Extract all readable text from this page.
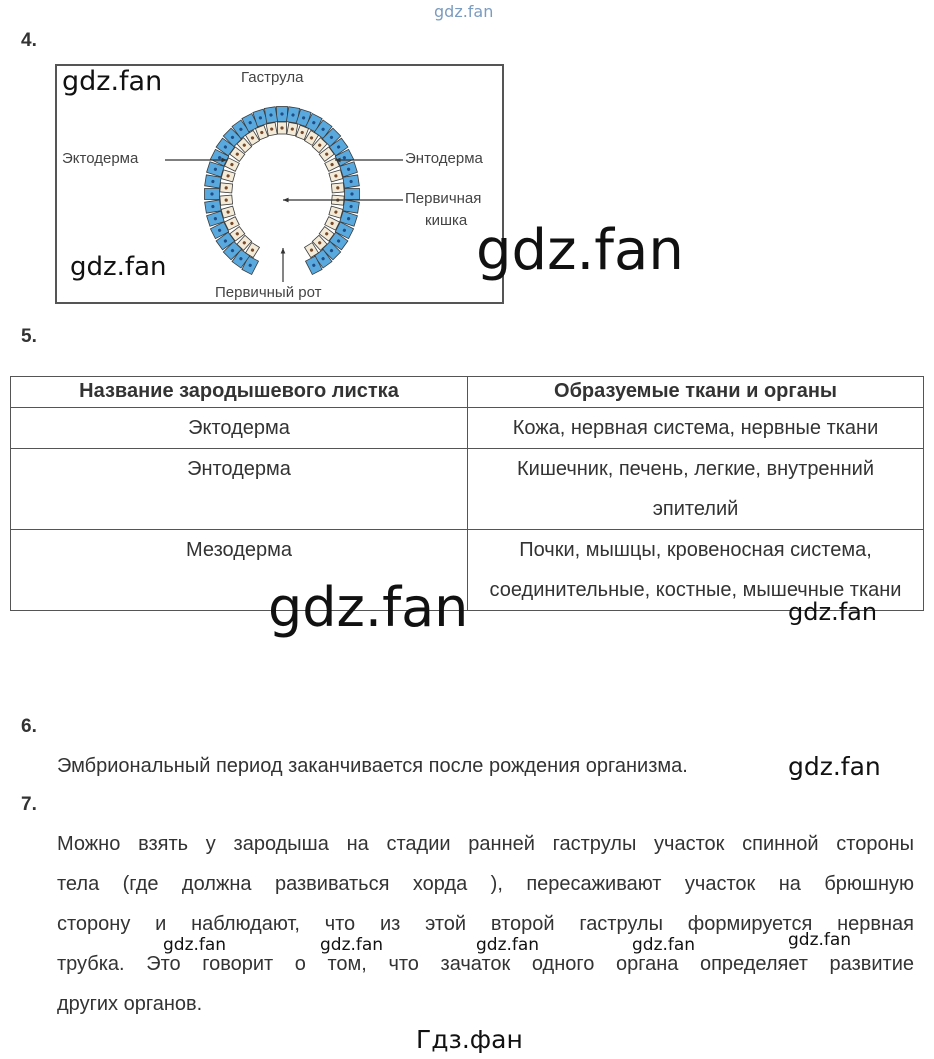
gdz.fan
4.
Гаструла
Эктодерма	Энтодерма
Первичная
кишка
Первичный рот
gdz.fan
gdz.fan	gdz.fan
5.
Название зародышевого листка	Образуемые ткани и органы
Эктодерма	Кожа, нервная система, нервные ткани
Энтодерма	Кишечник, печень, легкие, внутренний эпителий
Мезодерма	Почки, мышцы, кровеносная система, соединительные, костные, мышечные ткани
gdz.fan	gdz.fan
6.
Эмбриональный период заканчивается после рождения организма.	gdz.fan
7.
Можно взять у зародыша на стадии ранней гаструлы участок спинной стороны
тела (где должна развиваться хорда ), пересаживают участок на брюшную
сторону и наблюдают, что из этой второй гаструлы формируется нервная
трубка. Это говорит о том, что зачаток одного органа определяет развитие
других органов.
gdz.fan	gdz.fan	gdz.fan	gdz.fan	gdz.fan
Гдз.фан
